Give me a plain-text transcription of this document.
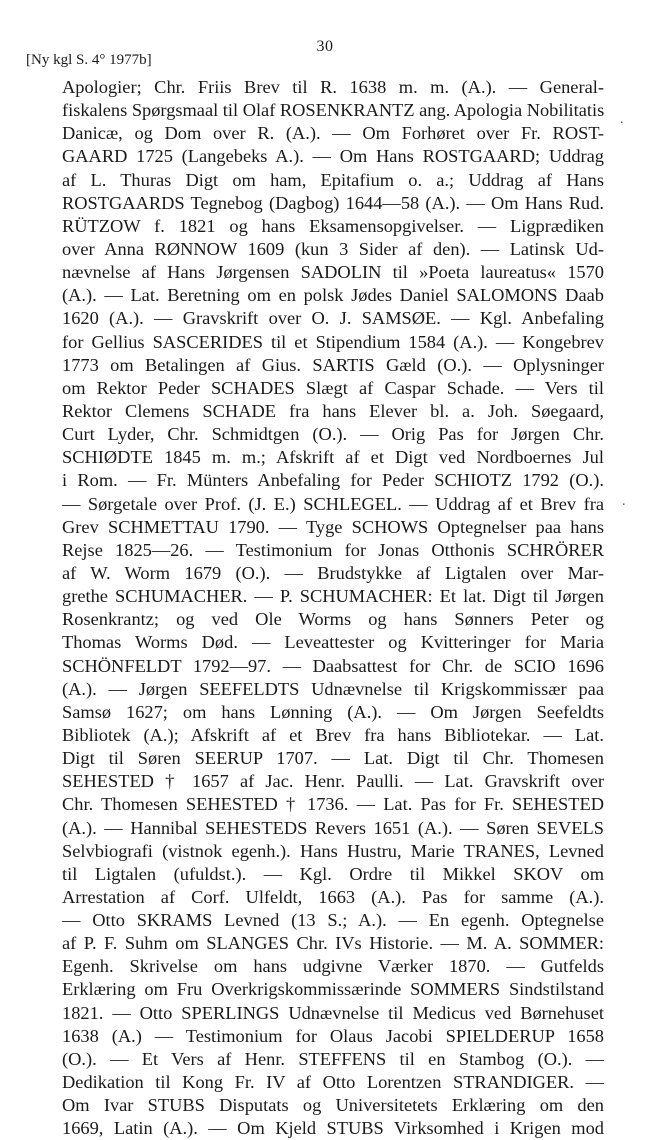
30
[Ny kgl S. 4° 1977b]
Apologier; Chr. Friis Brev til R. 1638 m. m. (A.). — General-
fiskalens Spørgsmaal til Olaf ROSENKRANTZ ang. Apologia Nobilitatis
Danicæ, og Dom over R. (A.). — Om Forhøret over Fr. ROST-
GAARD 1725 (Langebeks A.). — Om Hans ROSTGAARD; Uddrag
af L. Thuras Digt om ham, Epitafium o. a.; Uddrag af Hans
ROSTGAARDS Tegnebog (Dagbog) 1644—58 (A.). — Om Hans Rud.
RÜTZOW f. 1821 og hans Eksamensopgivelser. — Ligprædiken
over Anna RØNNOW 1609 (kun 3 Sider af den). — Latinsk Ud-
nævnelse af Hans Jørgensen SADOLIN til »Poeta laureatus« 1570
(A.). — Lat. Beretning om en polsk Jødes Daniel SALOMONS Daab
1620 (A.). — Gravskrift over O. J. SAMSØE. — Kgl. Anbefaling
for Gellius SASCERIDES til et Stipendium 1584 (A.). — Kongebrev
1773 om Betalingen af Gius. SARTIS Gæld (O.). — Oplysninger
om Rektor Peder SCHADES Slægt af Caspar Schade. — Vers til
Rektor Clemens SCHADE fra hans Elever bl. a. Joh. Søegaard,
Curt Lyder, Chr. Schmidtgen (O.). — Orig Pas for Jørgen Chr.
SCHIØDTE 1845 m. m.; Afskrift af et Digt ved Nordboernes Jul
i Rom. — Fr. Münters Anbefaling for Peder SCHIOTZ 1792 (O.).
— Sørgetale over Prof. (J. E.) SCHLEGEL. — Uddrag af et Brev fra
Grev SCHMETTAU 1790. — Tyge SCHOWS Optegnelser paa hans
Rejse 1825—26. — Testimonium for Jonas Otthonis SCHRÖRER
af W. Worm 1679 (O.). — Brudstykke af Ligtalen over Mar-
grethe SCHUMACHER. — P. SCHUMACHER: Et lat. Digt til Jørgen
Rosenkrantz; og ved Ole Worms og hans Sønners Peter og
Thomas Worms Død. — Leveattester og Kvitteringer for Maria
SCHÖNFELDT 1792—97. — Daabsattest for Chr. de SCIO 1696
(A.). — Jørgen SEEFELDTS Udnævnelse til Krigskommissær paa
Samsø 1627; om hans Lønning (A.). — Om Jørgen Seefeldts
Bibliotek (A.); Afskrift af et Brev fra hans Bibliotekar. — Lat.
Digt til Søren SEERUP 1707. — Lat. Digt til Chr. Thomesen
SEHESTED † 1657 af Jac. Henr. Paulli. — Lat. Gravskrift over
Chr. Thomesen SEHESTED † 1736. — Lat. Pas for Fr. SEHESTED
(A.). — Hannibal SEHESTEDS Revers 1651 (A.). — Søren SEVELS
Selvbiografi (vistnok egenh.). Hans Hustru, Marie TRANES, Levned
til Ligtalen (ufuldst.). — Kgl. Ordre til Mikkel SKOV om
Arrestation af Corf. Ulfeldt, 1663 (A.). Pas for samme (A.).
— Otto SKRAMS Levned (13 S.; A.). — En egenh. Optegnelse
af P. F. Suhm om SLANGES Chr. IVs Historie. — M. A. SOMMER:
Egenh. Skrivelse om hans udgivne Værker 1870. — Gutfelds
Erklæring om Fru Overkrigskommissærinde SOMMERS Sindstilstand
1821. — Otto SPERLINGS Udnævnelse til Medicus ved Børnehuset
1638 (A.) — Testimonium for Olaus Jacobi SPIELDERUP 1658
(O.). — Et Vers af Henr. STEFFENS til en Stambog (O.). —
Dedikation til Kong Fr. IV af Otto Lorentzen STRANDIGER. —
Om Ivar STUBS Disputats og Universitetets Erklæring om den
1669, Latin (A.). — Om Kjeld STUBS Virksomhed i Krigen mod
.
.
